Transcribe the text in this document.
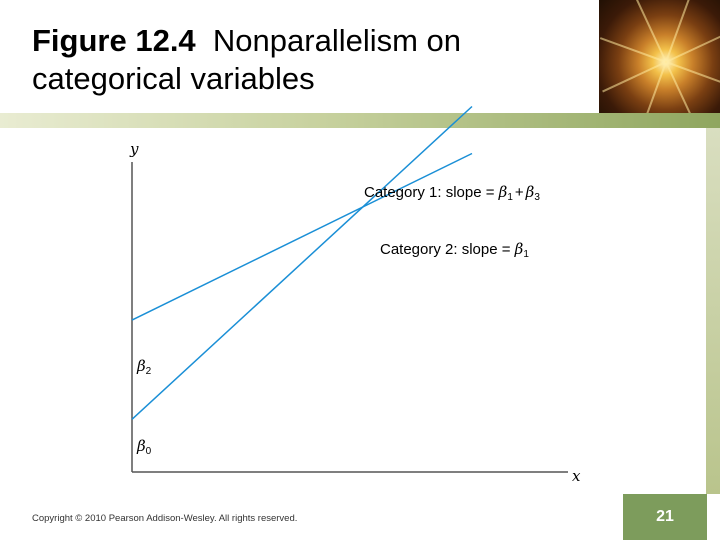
Figure 12.4 Nonparallelism on categorical variables
y
x
Category 1: slope = $\beta_1 + \beta_3$
Category 2: slope = $\beta_1$
$\beta_2$
$\beta_0$
Copyright © 2010 Pearson Addison-Wesley. All rights reserved.	21
